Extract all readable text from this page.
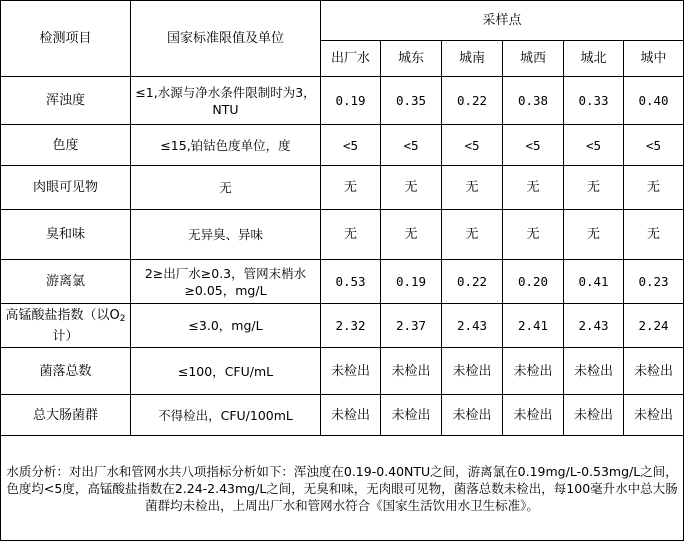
检测项目	国家标准限值及单位	采样点					
		出厂水	城东	城南	城西	城北	城中
浑浊度	≤1,水源与净水条件限制时为3，NTU	0.19	0.35	0.22	0.38	0.33	0.40
色度	≤15,铂钴色度单位，度	<5	<5	<5	<5	<5	<5
肉眼可见物	无	无	无	无	无	无	无
臭和味	无异臭、异味	无	无	无	无	无	无
游离氯	2≥出厂水≥0.3，管网末梢水≥0.05，mg/L	0.53	0.19	0.22	0.20	0.41	0.23
高锰酸盐指数（以$O_2$计）	≤3.0，mg/L	2.32	2.37	2.43	2.41	2.43	2.24
菌落总数	≤100，CFU/mL	未检出	未检出	未检出	未检出	未检出	未检出
总大肠菌群	不得检出，CFU/100mL	未检出	未检出	未检出	未检出	未检出	未检出
水质分析：对出厂水和管网水共八项指标分析如下：浑浊度在0.19-0.40NTU之间，游离氯在0.19mg/L-0.53mg/L之间，色度均<5度，高锰酸盐指数在2.24-2.43mg/L之间，无臭和味，无肉眼可见物，菌落总数未检出，每100毫升水中总大肠菌群均未检出，上周出厂水和管网水符合《国家生活饮用水卫生标准》。							
